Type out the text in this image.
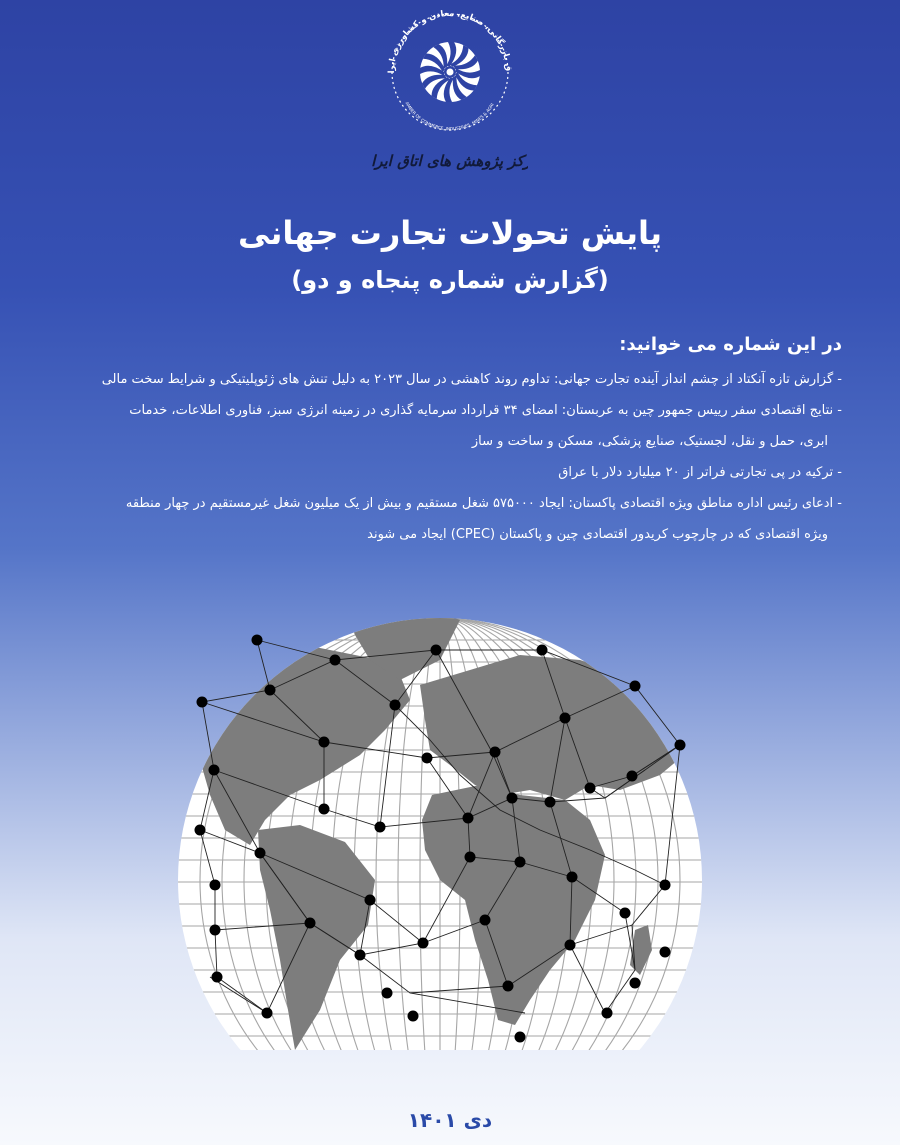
ق بازرگانی، صنایع، معادن و کشاورزی ایرا
AMBER OF COMMERCE, INDUSTRIES, MINES & AGRI
کز پژوهش های اتاق ایر
پایش تحولات تجارت جهانی
(گزارش شماره پنجاه و دو)
در این شماره می خوانید:

- گزارش تازه آنکتاد از چشم انداز آینده تجارت جهانی: تداوم روند کاهشی در سال ۲۰۲۳ به دلیل تنش های ژئوپلیتیکی و شرایط سخت مالی

- نتایج اقتصادی سفر رییس جمهور چین به عربستان: امضای ۳۴ قرارداد سرمایه گذاری در زمینه انرژی سبز، فناوری اطلاعات، خدمات
ابری، حمل و نقل، لجستیک، صنایع پزشکی، مسکن و ساخت و ساز

- ترکیه در پی تجارتی فراتر از ۲۰ میلیارد دلار با عراق

- ادعای رئیس اداره مناطق ویژه اقتصادی پاکستان: ایجاد ۵۷۵۰۰۰ شغل مستقیم و بیش از یک میلیون شغل غیرمستقیم در چهار منطقه
ویژه اقتصادی که در چارچوب کریدور اقتصادی چین و پاکستان (CPEC) ایجاد می شوند

دی ۱۴۰۱
